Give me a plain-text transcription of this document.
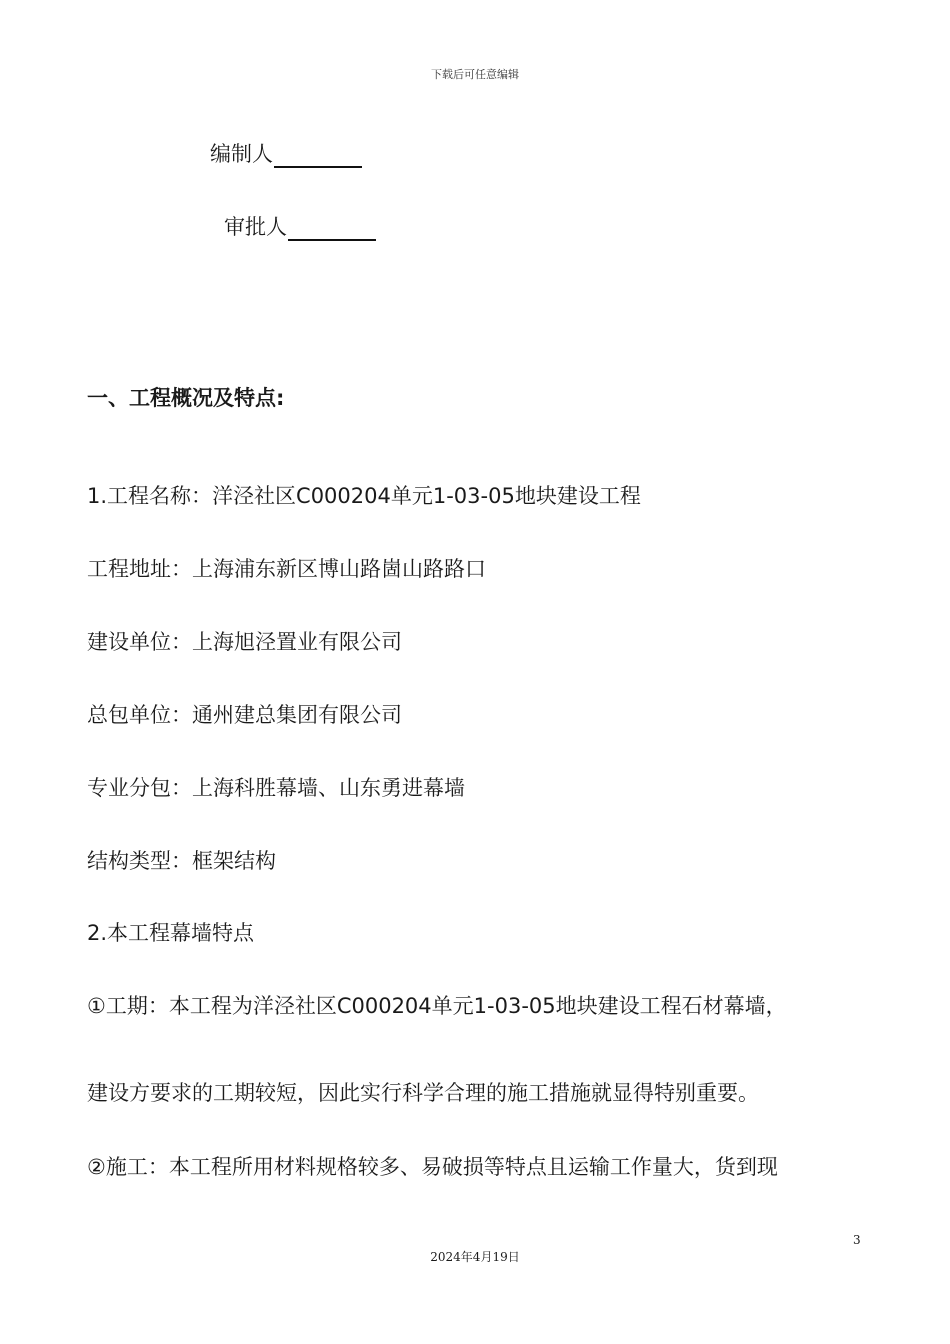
下载后可任意编辑
编制人
审批人
一、工程概况及特点:
1.工程名称：洋泾社区C000204单元1-03-05地块建设工程
工程地址：上海浦东新区博山路崮山路路口
建设单位：上海旭泾置业有限公司
总包单位：通州建总集团有限公司
专业分包：上海科胜幕墙、山东勇进幕墙
结构类型：框架结构
2.本工程幕墙特点
①工期：本工程为洋泾社区C000204单元1-03-05地块建设工程石材幕墙，
建设方要求的工期较短，因此实行科学合理的施工措施就显得特别重要。
②施工：本工程所用材料规格较多、易破损等特点且运输工作量大，货到现
3
2024年4月19日
